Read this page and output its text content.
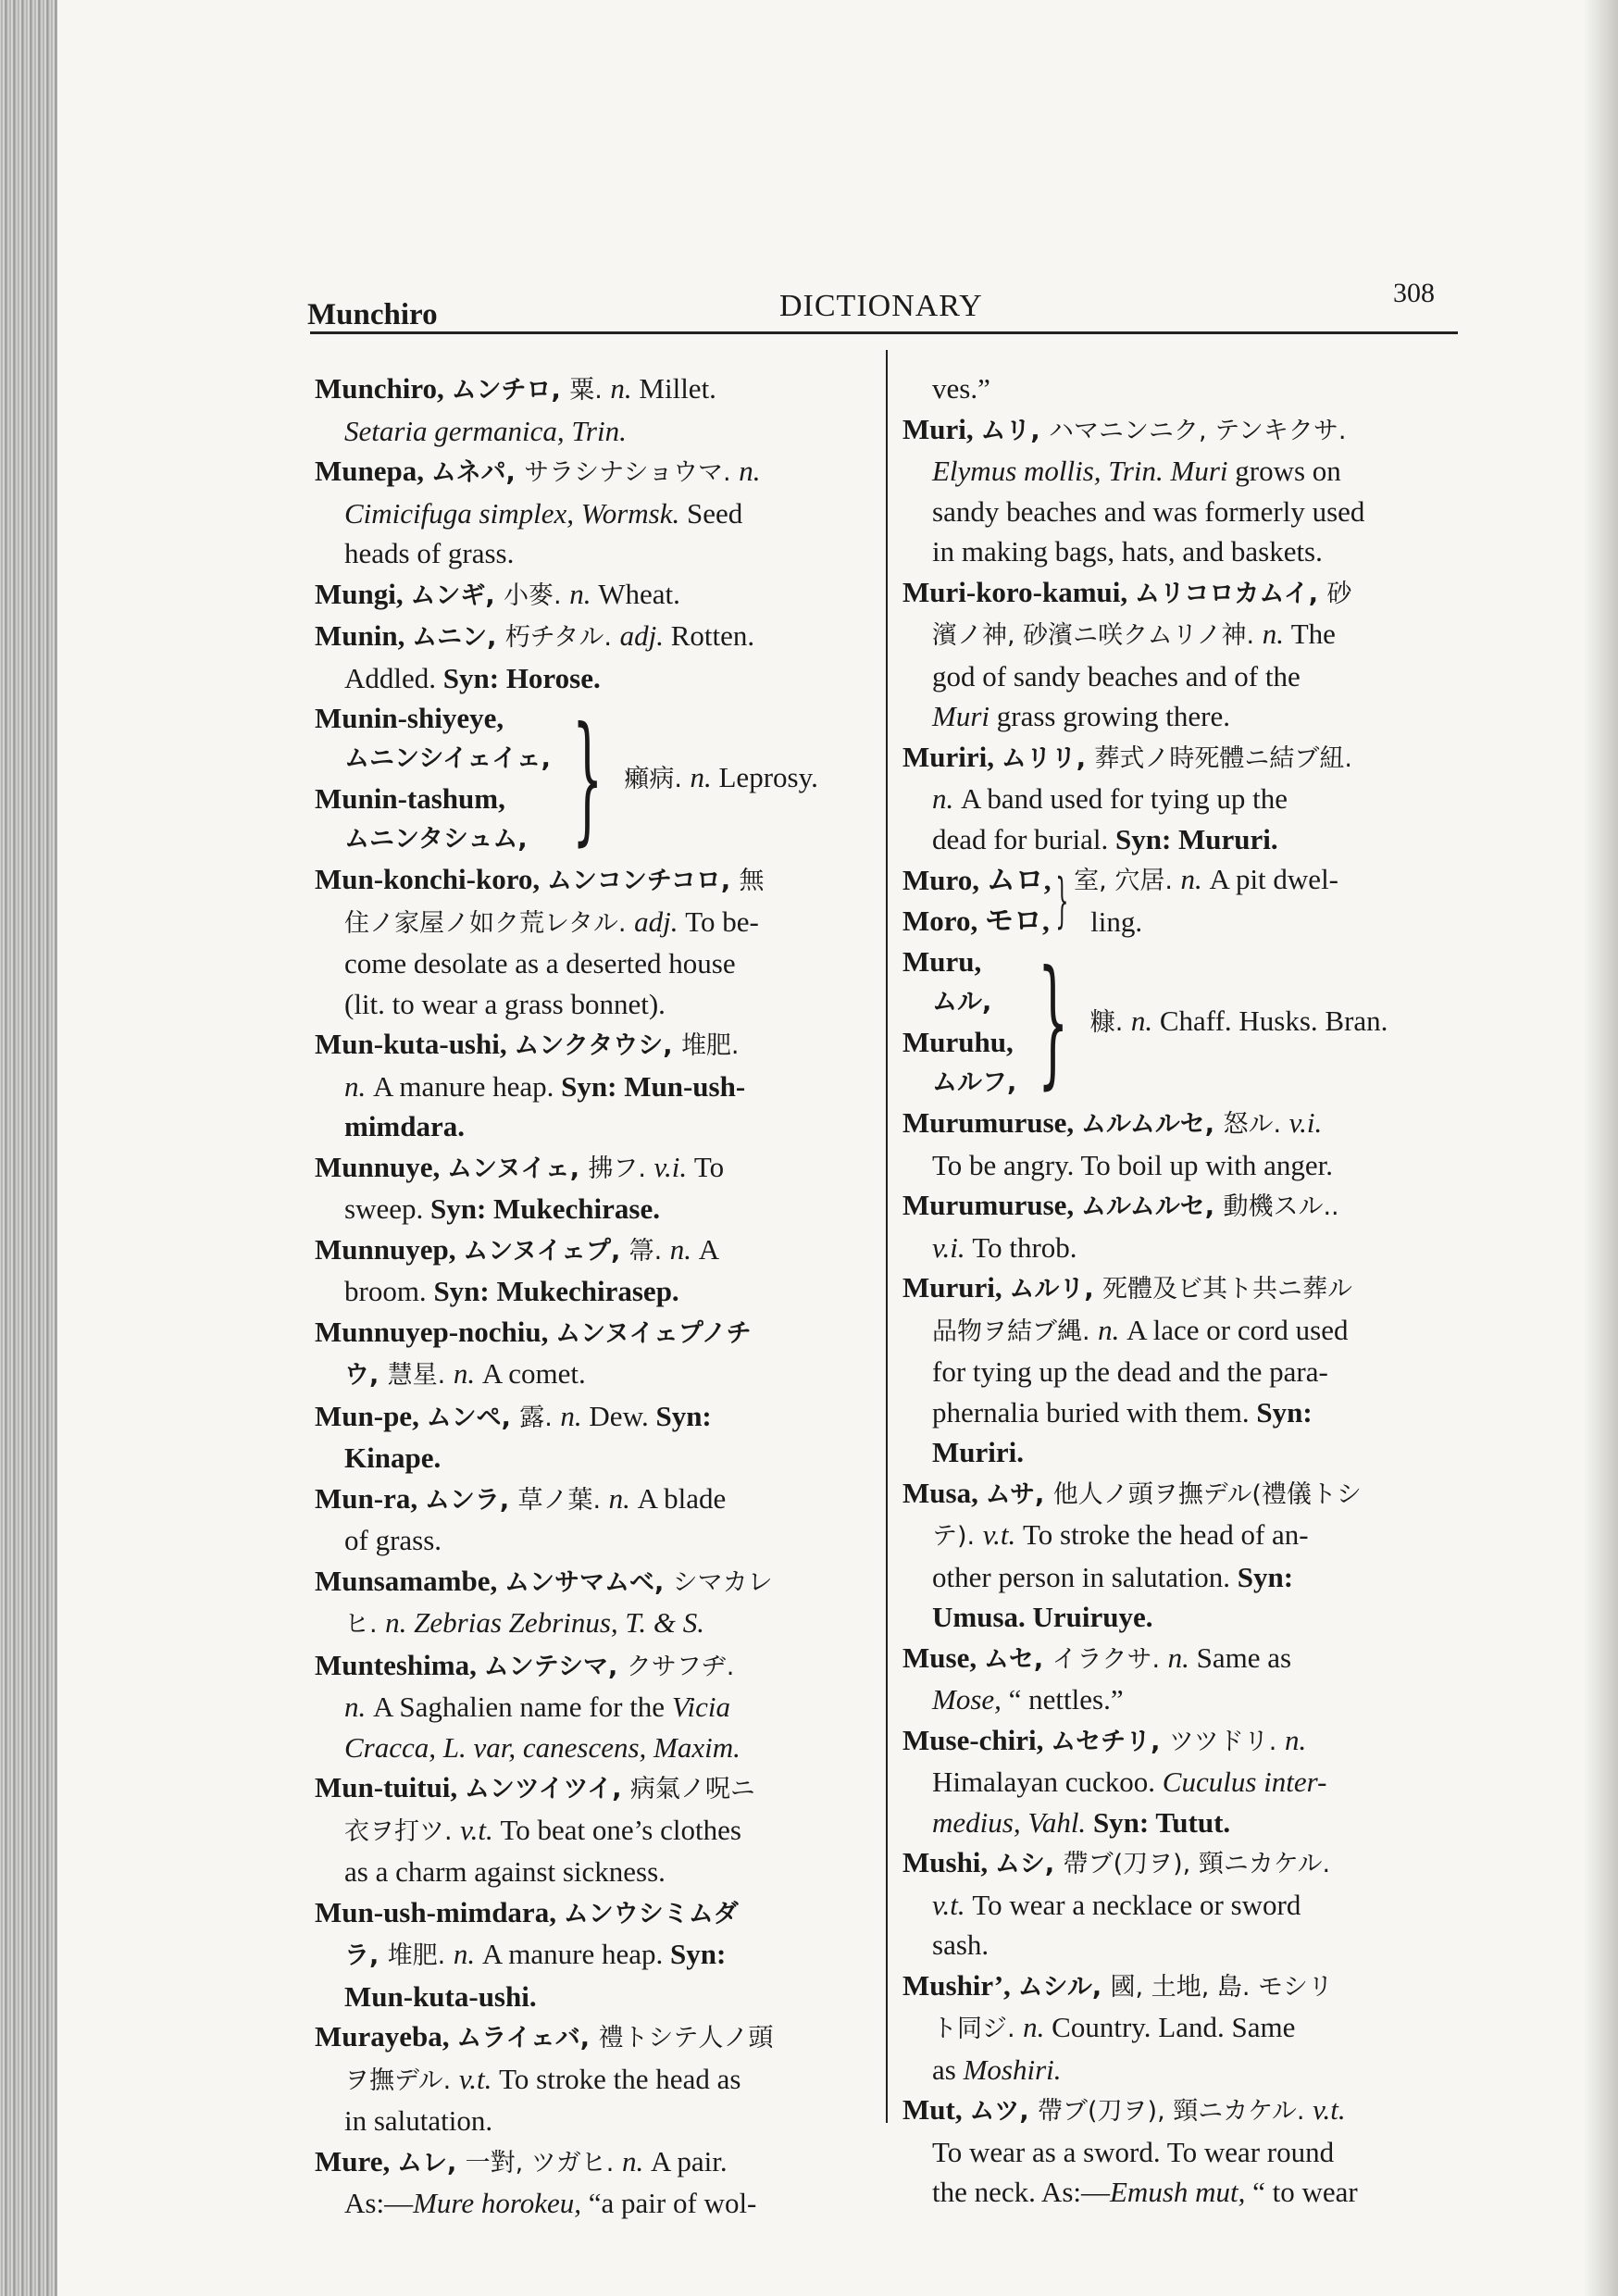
Munchiro	DICTIONARY	308
Munchiro, ムンチロ, 粟. n. Millet.
Setaria germanica, Trin.
Munepa, ムネパ, サラシナショウマ. n.
Cimicifuga simplex, Wormsk. Seed
heads of grass.
Mungi, ムンギ, 小麥. n. Wheat.
Munin, ムニン, 朽チタル. adj. Rotten.
Addled. Syn: Horose.
Munin-shiyeye,
ムニンシイェイェ,
Munin-tashum,
ムニンタシュム, } 癩病. n. Leprosy.
Mun-konchi-koro, ムンコンチコロ, 無
住ノ家屋ノ如ク荒レタル. adj. To be-
come desolate as a deserted house
(lit. to wear a grass bonnet).
Mun-kuta-ushi, ムンクタウシ, 堆肥.
n. A manure heap. Syn: Mun-ush-
mimdara.
Munnuye, ムンヌイェ, 拂フ. v.i. To
sweep. Syn: Mukechirase.
Munnuyep, ムンヌイェプ, 箒. n. A
broom. Syn: Mukechirasep.
Munnuyep-nochiu, ムンヌイェプノチ
ウ, 慧星. n. A comet.
Mun-pe, ムンペ, 露. n. Dew. Syn:
Kinape.
Mun-ra, ムンラ, 草ノ葉. n. A blade
of grass.
Munsamambe, ムンサマムベ, シマカレ
ヒ. n. Zebrias Zebrinus, T. & S.
Munteshima, ムンテシマ, クサフヂ.
n. A Saghalien name for the Vicia
Cracca, L. var, canescens, Maxim.
Mun-tuitui, ムンツイツイ, 病氣ノ呪ニ
衣ヲ打ツ. v.t. To beat one’s clothes
as a charm against sickness.
Mun-ush-mimdara, ムンウシミムダ
ラ, 堆肥. n. A manure heap. Syn:
Mun-kuta-ushi.
Murayeba, ムライェバ, 禮トシテ人ノ頭
ヲ撫デル. v.t. To stroke the head as
in salutation.
Mure, ムレ, 一對, ツガヒ. n. A pair.
As:—Mure horokeu, “a pair of wol-
ves.”
Muri, ムリ, ハマニンニク, テンキクサ.
Elymus mollis, Trin. Muri grows on
sandy beaches and was formerly used
in making bags, hats, and baskets.
Muri-koro-kamui, ムリコロカムイ, 砂
濱ノ神, 砂濱ニ咲クムリノ神. n. The
god of sandy beaches and of the
Muri grass growing there.
Muriri, ムリリ, 葬式ノ時死體ニ結ブ紐.
n. A band used for tying up the
dead for burial. Syn: Mururi.
Muro, ムロ,
Moro, モロ, } 室, 穴居. n. A pit dwel-
ling.
Muru,
ムル,
Muruhu,
ムルフ, } 糠. n. Chaff. Husks. Bran.
Murumuruse, ムルムルセ, 怒ル. v.i.
To be angry. To boil up with anger.
Murumuruse, ムルムルセ, 動機スル..
v.i. To throb.
Mururi, ムルリ, 死體及ビ其ト共ニ葬ル
品物ヲ結ブ縄. n. A lace or cord used
for tying up the dead and the para-
phernalia buried with them. Syn:
Muriri.
Musa, ムサ, 他人ノ頭ヲ撫デル(禮儀トシ
テ). v.t. To stroke the head of an-
other person in salutation. Syn:
Umusa. Uruiruye.
Muse, ムセ, イラクサ. n. Same as
Mose, “ nettles.”
Muse-chiri, ムセチリ, ツツドリ. n.
Himalayan cuckoo. Cuculus inter-
medius, Vahl. Syn: Tutut.
Mushi, ムシ, 帶ブ(刀ヲ), 頸ニカケル.
v.t. To wear a necklace or sword
sash.
Mushir’, ムシル, 國, 土地, 島. モシリ
ト同ジ. n. Country. Land. Same
as Moshiri.
Mut, ムツ, 帶ブ(刀ヲ), 頸ニカケル. v.t.
To wear as a sword. To wear round
the neck. As:—Emush mut, “ to wear
